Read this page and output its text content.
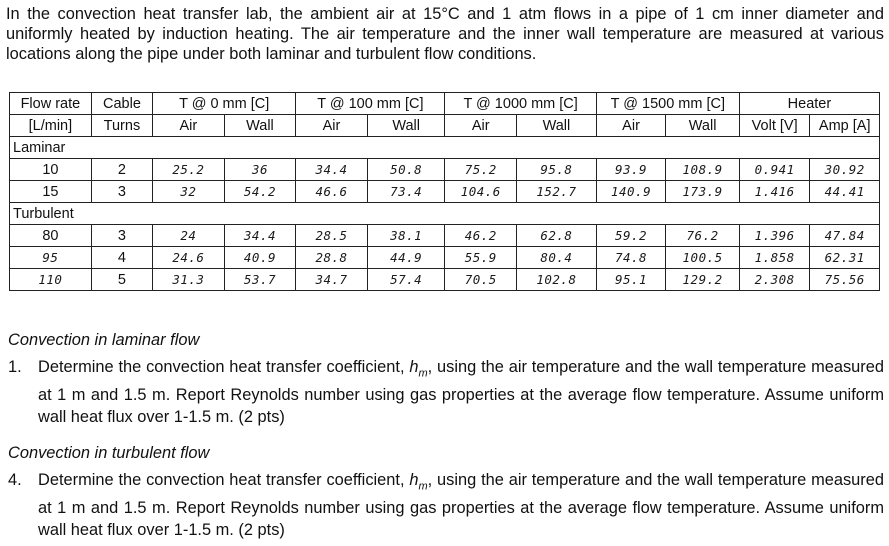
In the convection heat transfer lab, the ambient air at 15°C and 1 atm flows in a pipe of 1 cm inner diameter and uniformly heated by induction heating. The air temperature and the inner wall temperature are measured at various locations along the pipe under both laminar and turbulent flow conditions.
Flow rate	Cable	T @ 0 mm [C]		T @ 100 mm [C]		T @ 1000 mm [C]		T @ 1500 mm [C]		Heater	
[L/min]	Turns	Air	Wall	Air	Wall	Air	Wall	Air	Wall	Volt [V]	Amp [A]
Laminar											
10	2	25.2	36	34.4	50.8	75.2	95.8	93.9	108.9	0.941	30.92
15	3	32	54.2	46.6	73.4	104.6	152.7	140.9	173.9	1.416	44.41
Turbulent											
80	3	24	34.4	28.5	38.1	46.2	62.8	59.2	76.2	1.396	47.84
95	4	24.6	40.9	28.8	44.9	55.9	80.4	74.8	100.5	1.858	62.31
110	5	31.3	53.7	34.7	57.4	70.5	102.8	95.1	129.2	2.308	75.56
Convection in laminar flow
1. Determine the convection heat transfer coefficient, $h_m$, using the air temperature and the wall temperature measured at 1 m and 1.5 m. Report Reynolds number using gas properties at the average flow temperature. Assume uniform wall heat flux over 1-1.5 m. (2 pts)
Convection in turbulent flow
4. Determine the convection heat transfer coefficient, $h_m$, using the air temperature and the wall temperature measured at 1 m and 1.5 m. Report Reynolds number using gas properties at the average flow temperature. Assume uniform wall heat flux over 1-1.5 m. (2 pts)
